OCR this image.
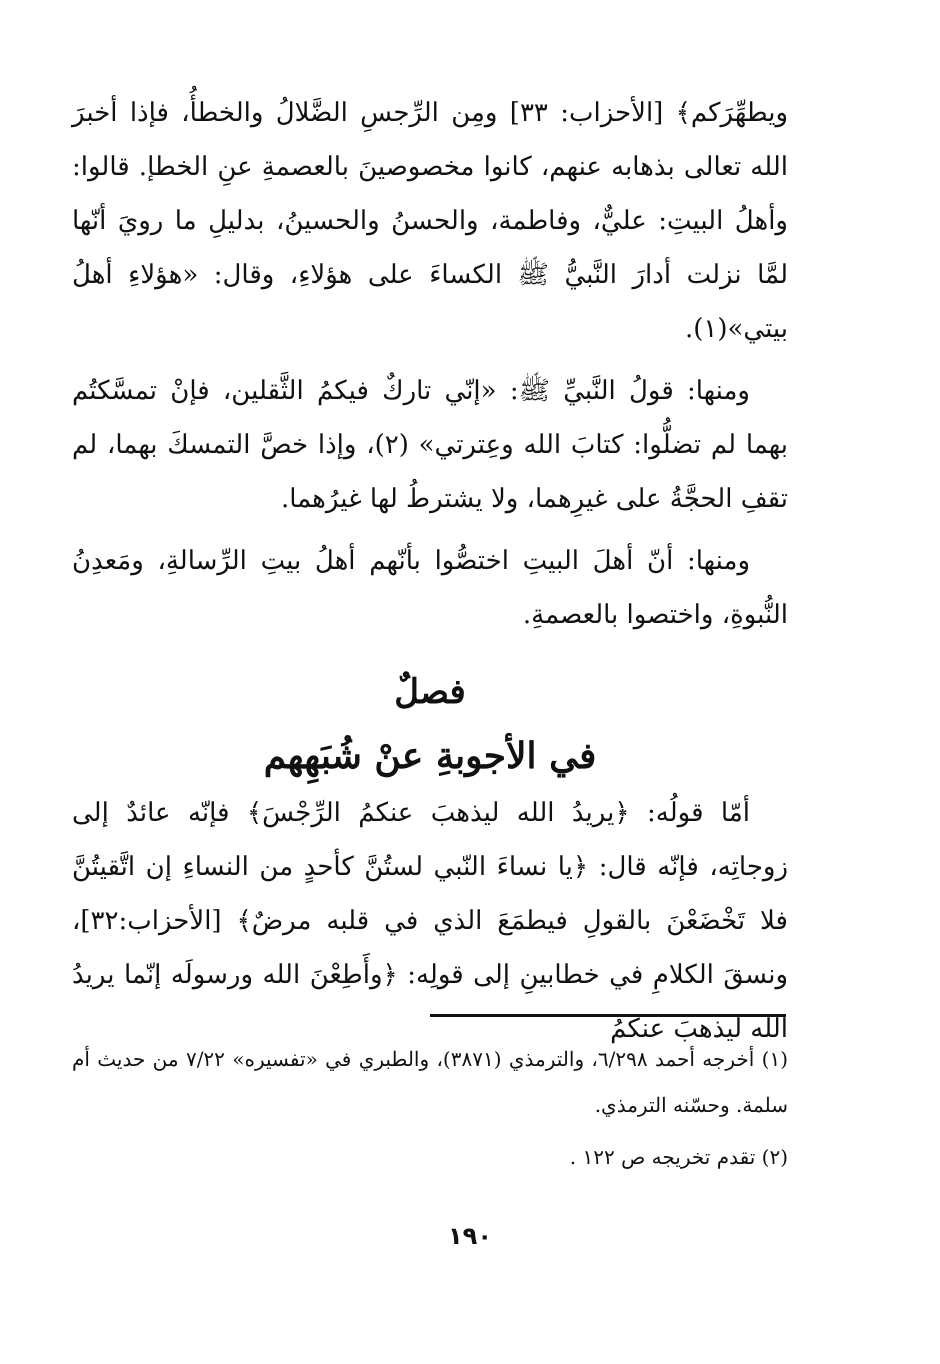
ويطهِّرَكم﴾ [الأحزاب: ٣٣] ومِن الرِّجسِ الضَّلالُ والخطأُ، فإذا أخبرَ الله تعالى بذهابه عنهم، كانوا مخصوصينَ بالعصمةِ عنِ الخطإ. قالوا: وأهلُ البيتِ: عليٌّ، وفاطمة، والحسنُ والحسينُ، بدليلِ ما رويَ أنّها لمَّا نزلت أدارَ النَّبيُّ ﷺ الكساءَ على هؤلاءِ، وقال: «هؤلاءِ أهلُ بيتي»(١).

ومنها: قولُ النَّبيِّ ﷺ: «إنّي تاركٌ فيكمُ الثَّقلين، فإنْ تمسَّكتُم بهما لم تضلُّوا: كتابَ الله وعِترتي» (٢)، وإذا خصَّ التمسكَ بهما، لم تقفِ الحجَّةُ على غيرِهما، ولا يشترطُ لها غيرُهما.

ومنها: أنّ أهلَ البيتِ اختصُّوا بأنّهم أهلُ بيتِ الرِّسالةِ، ومَعدِنُ النُّبوةِ، واختصوا بالعصمةِ.

فصلٌ
في الأجوبةِ عنْ شُبَهِهم

أمّا قولُه: ﴿يريدُ الله ليذهبَ عنكمُ الرِّجْسَ﴾ فإنّه عائدٌ إلى زوجاتِه، فإنّه قال: ﴿يا نساءَ النّبي لستُنَّ كأحدٍ من النساءِ إن اتَّقيتُنَّ فلا تَخْضَعْنَ بالقولِ فيطمَعَ الذي في قلبه مرضٌ﴾ [الأحزاب:٣٢]، ونسقَ الكلامِ في خطابينِ إلى قولِه: ﴿وأَطِعْنَ الله ورسولَه إنّما يريدُ الله ليذهبَ عنكمُ

(١) أخرجه أحمد ٦/٢٩٨، والترمذي (٣٨٧١)، والطبري في «تفسيره» ٧/٢٢ من حديث أم سلمة. وحسّنه الترمذي.

(٢) تقدم تخريجه ص ١٢٢ .

١٩٠
